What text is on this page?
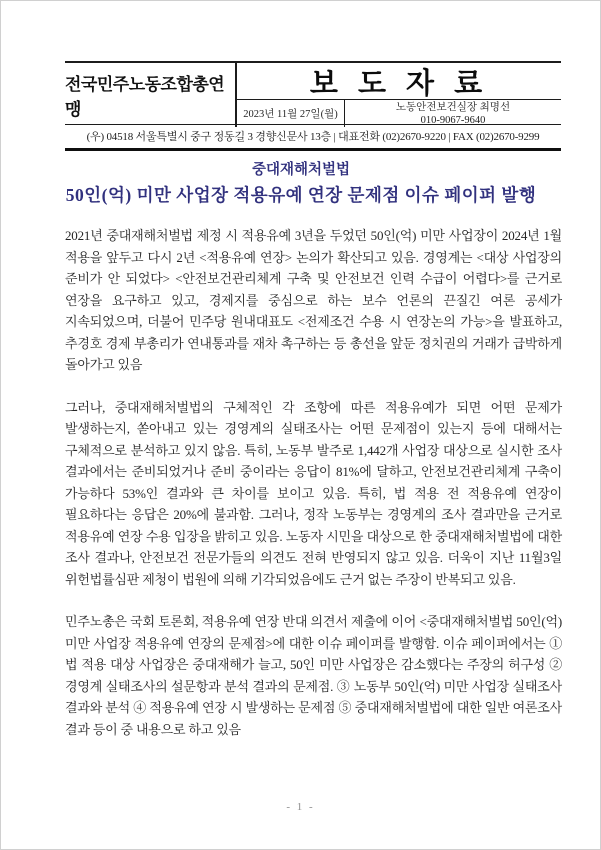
전국민주노동조합총연맹
보 도 자 료
2023년 11월 27일(월)
노동안전보건실장 최명선
010-9067-9640
(우) 04518 서울특별시 중구 정동길 3 경향신문사 13층 | 대표전화 (02)2670-9220 | FAX (02)2670-9299
중대재해처벌법
50인(억) 미만 사업장 적용유예 연장 문제점 이슈 페이퍼 발행

2021년 중대재해처벌법 제정 시 적용유예 3년을 두었던 50인(억) 미만 사업장이 2024년 1월 적용을 앞두고 다시 2년 <적용유예 연장> 논의가 확산되고 있음. 경영계는 <대상 사업장의 준비가 안 되었다> <안전보건관리체계 구축 및 안전보건 인력 수급이 어렵다>를 근거로 연장을 요구하고 있고, 경제지를 중심으로 하는 보수 언론의 끈질긴 여론 공세가 지속되었으며, 더불어 민주당 원내대표도 <전제조건 수용 시 연장논의 가능>을 발표하고, 추경호 경제 부총리가 연내통과를 재차 촉구하는 등 총선을 앞둔 정치권의 거래가 급박하게 돌아가고 있음

그러나, 중대재해처벌법의 구체적인 각 조항에 따른 적용유예가 되면 어떤 문제가 발생하는지, 쏟아내고 있는 경영계의 실태조사는 어떤 문제점이 있는지 등에 대해서는 구체적으로 분석하고 있지 않음. 특히, 노동부 발주로 1,442개 사업장 대상으로 실시한 조사 결과에서는 준비되었거나 준비 중이라는 응답이 81%에 달하고, 안전보건관리체계 구축이 가능하다 53%인 결과와 큰 차이를 보이고 있음. 특히, 법 적용 전 적용유예 연장이 필요하다는 응답은 20%에 불과함. 그러나, 정작 노동부는 경영계의 조사 결과만을 근거로 적용유예 연장 수용 입장을 밝히고 있음. 노동자 시민을 대상으로 한 중대재해처벌법에 대한 조사 결과나, 안전보건 전문가들의 의견도 전혀 반영되지 않고 있음. 더욱이 지난 11월3일 위헌법률심판 제청이 법원에 의해 기각되었음에도 근거 없는 주장이 반복되고 있음.

민주노총은 국회 토론회, 적용유예 연장 반대 의견서 제출에 이어 <중대재해처벌법 50인(억) 미만 사업장 적용유예 연장의 문제점>에 대한 이슈 페이퍼를 발행함. 이슈 페이퍼에서는 ① 법 적용 대상 사업장은 중대재해가 늘고, 50인 미만 사업장은 감소했다는 주장의 허구성 ② 경영계 실태조사의 설문항과 분석 결과의 문제점. ③ 노동부 50인(억) 미만 사업장 실태조사 결과와 분석 ④ 적용유예 연장 시 발생하는 문제점 ⑤ 중대재해처벌법에 대한 일반 여론조사 결과 등이 중 내용으로 하고 있음

- 1 -
